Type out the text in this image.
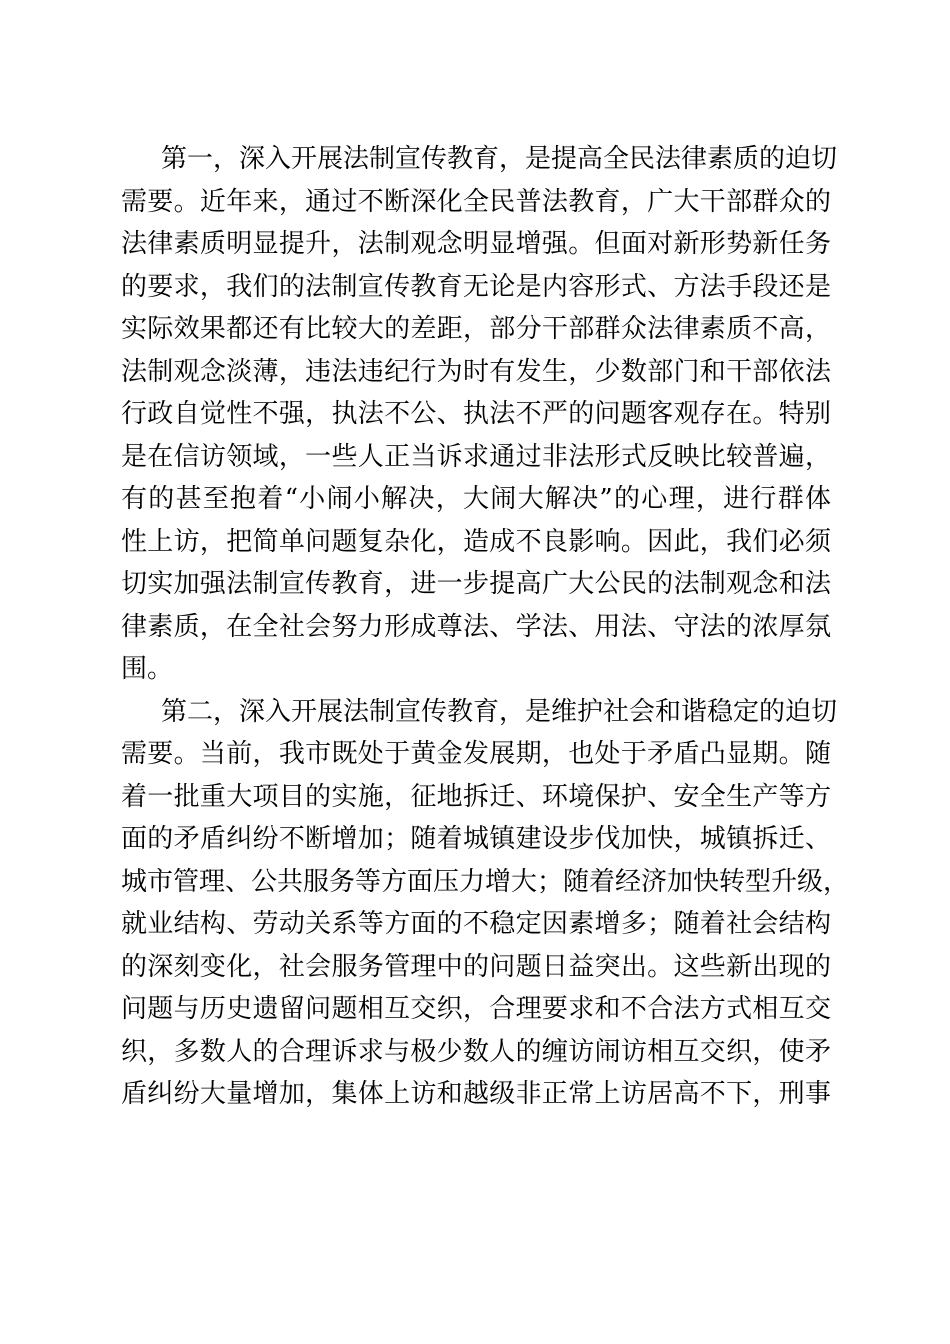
第一，深入开展法制宣传教育，是提高全民法律素质的迫切
需要。近年来，通过不断深化全民普法教育，广大干部群众的
法律素质明显提升，法制观念明显增强。但面对新形势新任务
的要求，我们的法制宣传教育无论是内容形式、方法手段还是
实际效果都还有比较大的差距，部分干部群众法律素质不高，
法制观念淡薄，违法违纪行为时有发生，少数部门和干部依法
行政自觉性不强，执法不公、执法不严的问题客观存在。特别
是在信访领域，一些人正当诉求通过非法形式反映比较普遍，
有的甚至抱着“小闹小解决，大闹大解决”的心理，进行群体
性上访，把简单问题复杂化，造成不良影响。因此，我们必须
切实加强法制宣传教育，进一步提高广大公民的法制观念和法
律素质，在全社会努力形成尊法、学法、用法、守法的浓厚氛
围。
第二，深入开展法制宣传教育，是维护社会和谐稳定的迫切
需要。当前，我市既处于黄金发展期，也处于矛盾凸显期。随
着一批重大项目的实施，征地拆迁、环境保护、安全生产等方
面的矛盾纠纷不断增加；随着城镇建设步伐加快，城镇拆迁、
城市管理、公共服务等方面压力增大；随着经济加快转型升级，
就业结构、劳动关系等方面的不稳定因素增多；随着社会结构
的深刻变化，社会服务管理中的问题日益突出。这些新出现的
问题与历史遗留问题相互交织，合理要求和不合法方式相互交
织，多数人的合理诉求与极少数人的缠访闹访相互交织，使矛
盾纠纷大量增加，集体上访和越级非正常上访居高不下，刑事
